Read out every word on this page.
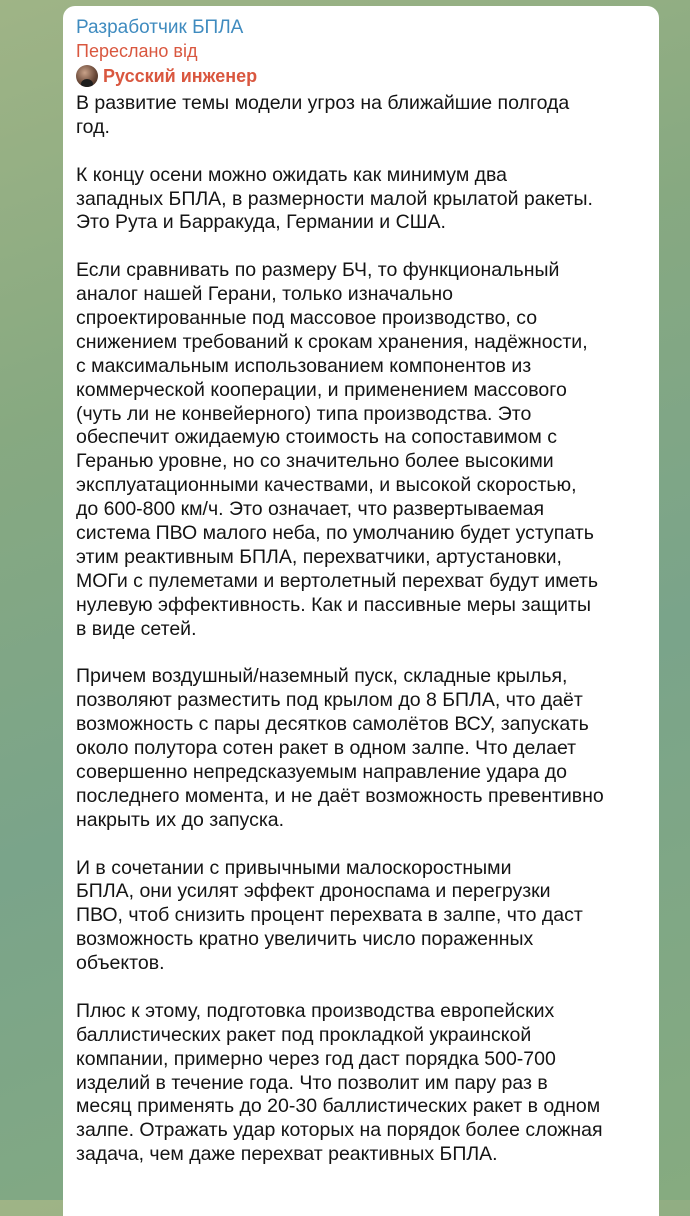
Разработчик БПЛА
Переслано від
Русский инженер
В развитие темы модели угроз на ближайшие полгода
год.
К концу осени можно ожидать как минимум два
западных БПЛА, в размерности малой крылатой ракеты.
Это Рута и Барракуда, Германии и США.
Если сравнивать по размеру БЧ, то функциональный
аналог нашей Герани, только изначально
спроектированные под массовое производство, со
снижением требований к срокам хранения, надёжности,
с максимальным использованием компонентов из
коммерческой кооперации, и применением массового
(чуть ли не конвейерного) типа производства. Это
обеспечит ожидаемую стоимость на сопоставимом с
Геранью уровне, но со значительно более высокими
эксплуатационными качествами, и высокой скоростью,
до 600-800 км/ч. Это означает, что развертываемая
система ПВО малого неба, по умолчанию будет уступать
этим реактивным БПЛА, перехватчики, артустановки,
МОГи с пулеметами и вертолетный перехват будут иметь
нулевую эффективность. Как и пассивные меры защиты
в виде сетей.
Причем воздушный/наземный пуск, складные крылья,
позволяют разместить под крылом до 8 БПЛА, что даёт
возможность с пары десятков самолётов ВСУ, запускать
около полутора сотен ракет в одном залпе. Что делает
совершенно непредсказуемым направление удара до
последнего момента, и не даёт возможность превентивно
накрыть их до запуска.
И в сочетании с привычными малоскоростными
БПЛА, они усилят эффект дроноспама и перегрузки
ПВО, чтоб снизить процент перехвата в залпе, что даст
возможность кратно увеличить число пораженных
объектов.
Плюс к этому, подготовка производства европейских
баллистических ракет под прокладкой украинской
компании, примерно через год даст порядка 500-700
изделий в течение года. Что позволит им пару раз в
месяц применять до 20-30 баллистических ракет в одном
залпе. Отражать удар которых на порядок более сложная
задача, чем даже перехват реактивных БПЛА.
